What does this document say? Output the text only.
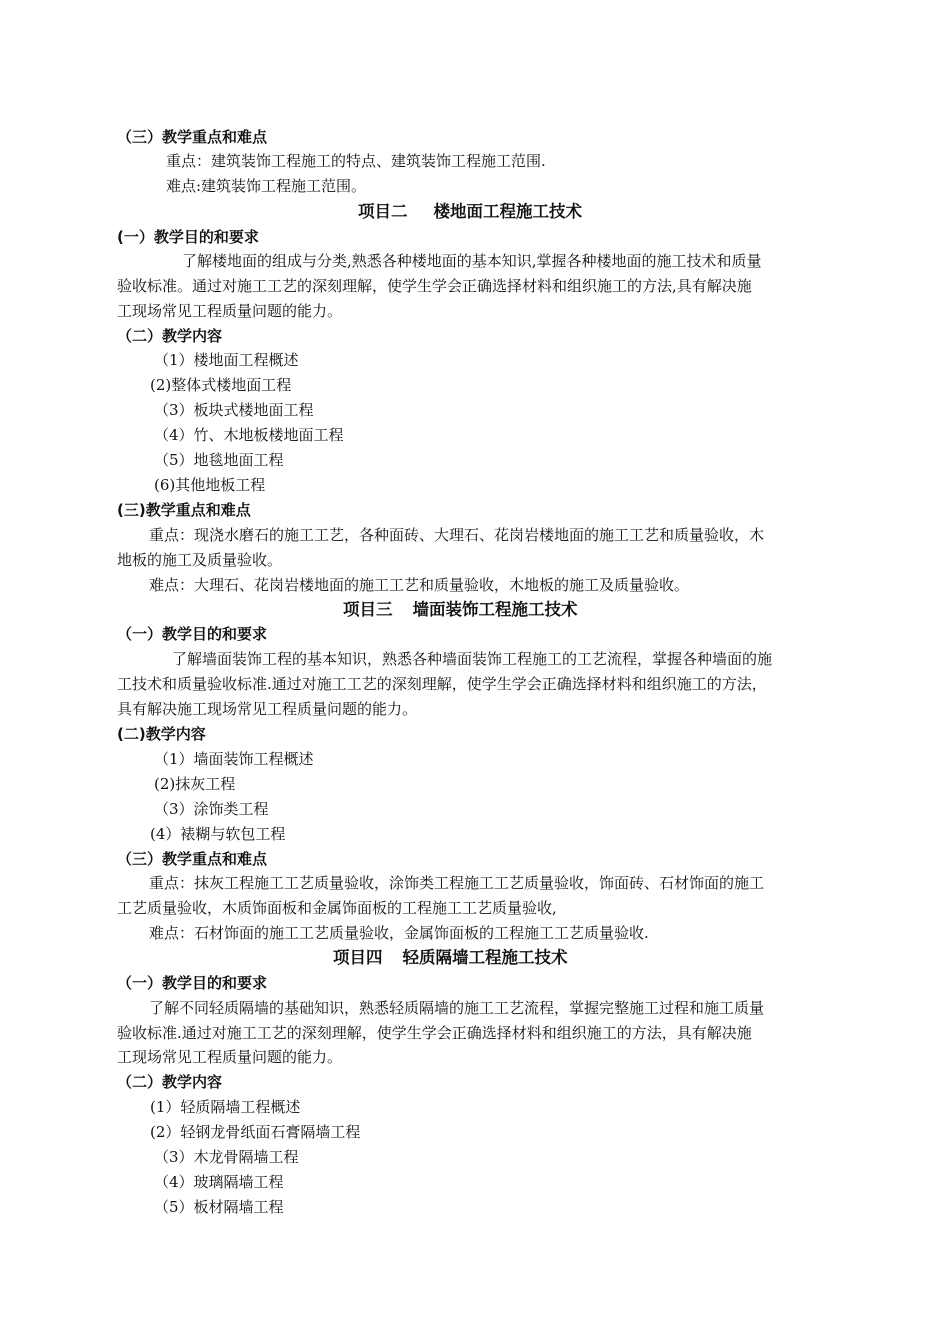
（三）教学重点和难点
重点：建筑装饰工程施工的特点、建筑装饰工程施工范围.
难点:建筑装饰工程施工范围。
项目二 楼地面工程施工技术
(一）教学目的和要求
了解楼地面的组成与分类,熟悉各种楼地面的基本知识,掌握各种楼地面的施工技术和质量
验收标准。通过对施工工艺的深刻理解，使学生学会正确选择材料和组织施工的方法,具有解决施
工现场常见工程质量问题的能力。
（二）教学内容
（1）楼地面工程概述
(2)整体式楼地面工程
（3）板块式楼地面工程
（4）竹、木地板楼地面工程
（5）地毯地面工程
(6)其他地板工程
(三)教学重点和难点
重点：现浇水磨石的施工工艺，各种面砖、大理石、花岗岩楼地面的施工工艺和质量验收，木
地板的施工及质量验收。
难点：大理石、花岗岩楼地面的施工工艺和质量验收，木地板的施工及质量验收。
项目三 墙面装饰工程施工技术
（一）教学目的和要求
了解墙面装饰工程的基本知识，熟悉各种墙面装饰工程施工的工艺流程，掌握各种墙面的施
工技术和质量验收标准.通过对施工工艺的深刻理解，使学生学会正确选择材料和组织施工的方法，
具有解决施工现场常见工程质量问题的能力。
(二)教学内容
（1）墙面装饰工程概述
(2)抹灰工程
（3）涂饰类工程
(4）裱糊与软包工程
（三）教学重点和难点
重点：抹灰工程施工工艺质量验收，涂饰类工程施工工艺质量验收，饰面砖、石材饰面的施工
工艺质量验收，木质饰面板和金属饰面板的工程施工工艺质量验收,
难点：石材饰面的施工工艺质量验收，金属饰面板的工程施工工艺质量验收.
项目四 轻质隔墙工程施工技术
（一）教学目的和要求
了解不同轻质隔墙的基础知识，熟悉轻质隔墙的施工工艺流程，掌握完整施工过程和施工质量
验收标准.通过对施工工艺的深刻理解，使学生学会正确选择材料和组织施工的方法，具有解决施
工现场常见工程质量问题的能力。
（二）教学内容
(1）轻质隔墙工程概述
(2）轻钢龙骨纸面石膏隔墙工程
（3）木龙骨隔墙工程
（4）玻璃隔墙工程
（5）板材隔墙工程
